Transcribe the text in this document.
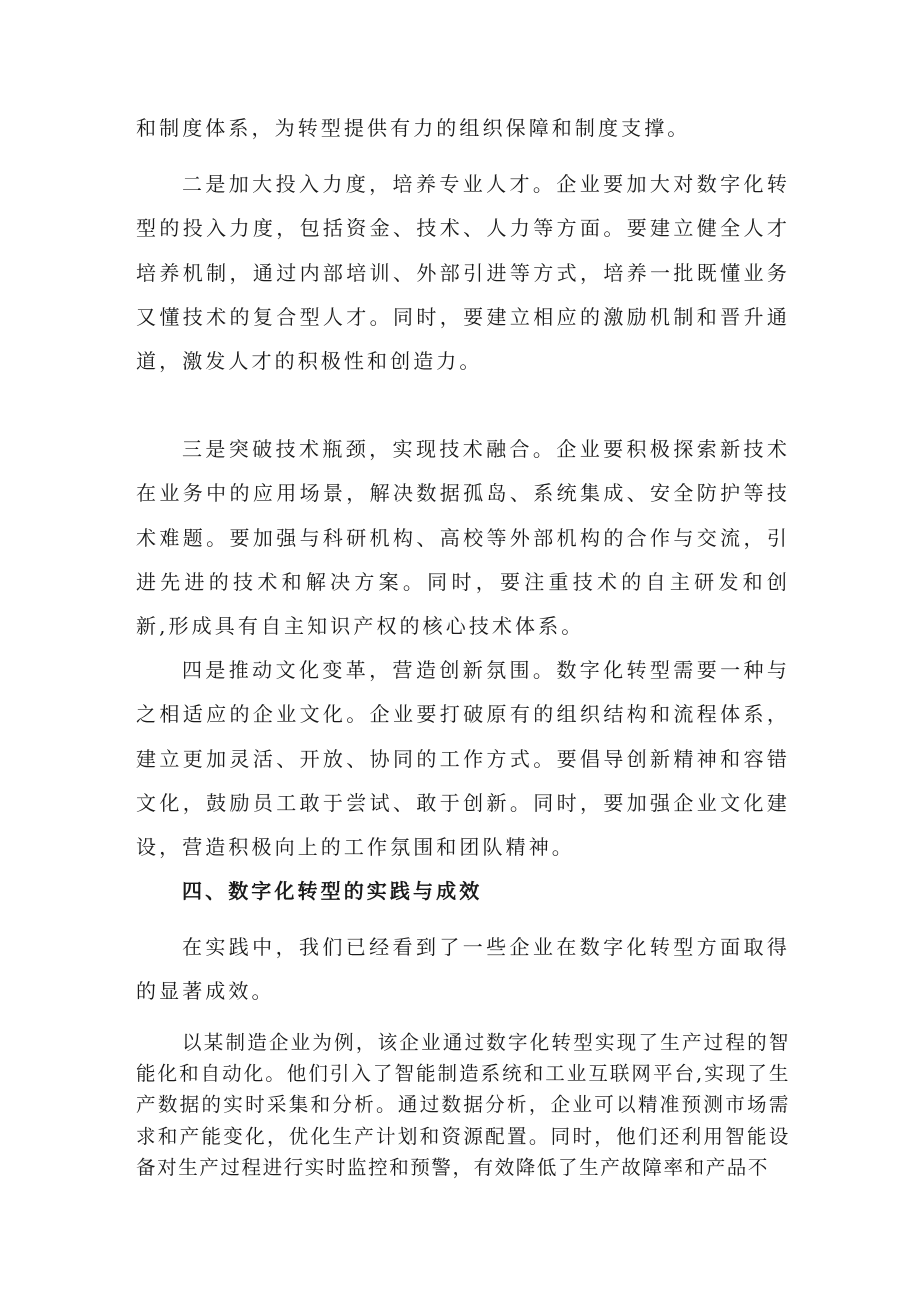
和制度体系，为转型提供有力的组织保障和制度支撑。

二是加大投入力度，培养专业人才。企业要加大对数字化转型的投入力度，包括资金、技术、人力等方面。要建立健全人才培养机制，通过内部培训、外部引进等方式，培养一批既懂业务又懂技术的复合型人才。同时，要建立相应的激励机制和晋升通道，激发人才的积极性和创造力。

三是突破技术瓶颈，实现技术融合。企业要积极探索新技术在业务中的应用场景，解决数据孤岛、系统集成、安全防护等技术难题。要加强与科研机构、高校等外部机构的合作与交流，引进先进的技术和解决方案。同时，要注重技术的自主研发和创新,形成具有自主知识产权的核心技术体系。

四是推动文化变革，营造创新氛围。数字化转型需要一种与之相适应的企业文化。企业要打破原有的组织结构和流程体系，建立更加灵活、开放、协同的工作方式。要倡导创新精神和容错文化，鼓励员工敢于尝试、敢于创新。同时，要加强企业文化建设，营造积极向上的工作氛围和团队精神。

四、数字化转型的实践与成效

在实践中，我们已经看到了一些企业在数字化转型方面取得的显著成效。

以某制造企业为例，该企业通过数字化转型实现了生产过程的智能化和自动化。他们引入了智能制造系统和工业互联网平台,实现了生产数据的实时采集和分析。通过数据分析，企业可以精准预测市场需求和产能变化，优化生产计划和资源配置。同时，他们还利用智能设备对生产过程进行实时监控和预警，有效降低了生产故障率和产品不
